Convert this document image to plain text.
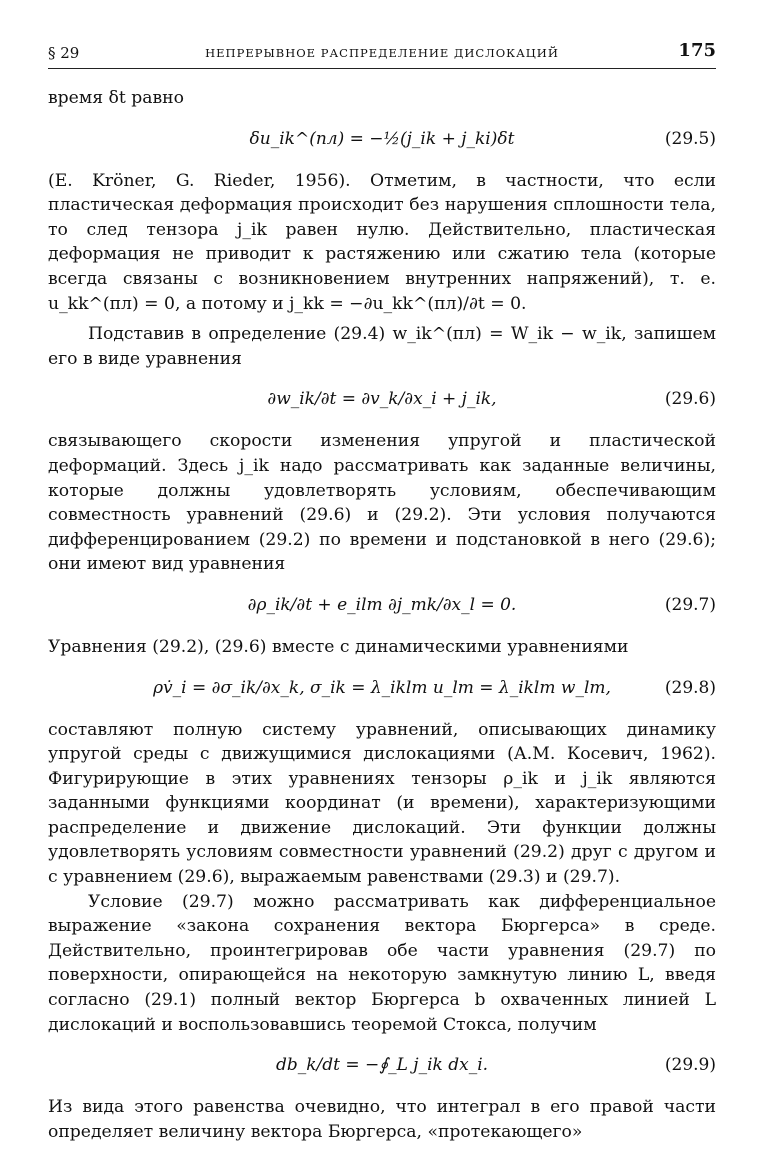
§ 29	НЕПРЕРЫВНОЕ РАСПРЕДЕЛЕНИЕ ДИСЛОКАЦИЙ	175

время δt равно

δu_ik^(пл) = −½(j_ik + j_ki)δt	(29.5)

(E. Kröner, G. Rieder, 1956). Отметим, в частности, что если пластическая деформация происходит без нарушения сплошности тела, то след тензора j_ik равен нулю. Действительно, пластическая деформация не приводит к растяжению или сжатию тела (которые всегда связаны с возникновением внутренних напряжений), т. е. u_kk^(пл) = 0, а потому и j_kk = −∂u_kk^(пл)/∂t = 0.

Подставив в определение (29.4) w_ik^(пл) = W_ik − w_ik, запишем его в виде уравнения

∂w_ik/∂t = ∂v_k/∂x_i + j_ik,	(29.6)

связывающего скорости изменения упругой и пластической деформаций. Здесь j_ik надо рассматривать как заданные величины, которые должны удовлетворять условиям, обеспечивающим совместность уравнений (29.6) и (29.2). Эти условия получаются дифференцированием (29.2) по времени и подстановкой в него (29.6); они имеют вид уравнения

∂ρ_ik/∂t + e_ilm ∂j_mk/∂x_l = 0.	(29.7)

Уравнения (29.2), (29.6) вместе с динамическими уравнениями

ρv̇_i = ∂σ_ik/∂x_k, σ_ik = λ_iklm u_lm = λ_iklm w_lm,	(29.8)

составляют полную систему уравнений, описывающих динамику упругой среды с движущимися дислокациями (А.М. Косевич, 1962). Фигурирующие в этих уравнениях тензоры ρ_ik и j_ik являются заданными функциями координат (и времени), характеризующими распределение и движение дислокаций. Эти функции должны удовлетворять условиям совместности уравнений (29.2) друг с другом и с уравнением (29.6), выражаемым равенствами (29.3) и (29.7).

Условие (29.7) можно рассматривать как дифференциальное выражение «закона сохранения вектора Бюргерса» в среде. Действительно, проинтегрировав обе части уравнения (29.7) по поверхности, опирающейся на некоторую замкнутую линию L, введя согласно (29.1) полный вектор Бюргерса b охваченных линией L дислокаций и воспользовавшись теоремой Стокса, получим

db_k/dt = −∮_L j_ik dx_i.	(29.9)

Из вида этого равенства очевидно, что интеграл в его правой части определяет величину вектора Бюргерса, «протекающего»
